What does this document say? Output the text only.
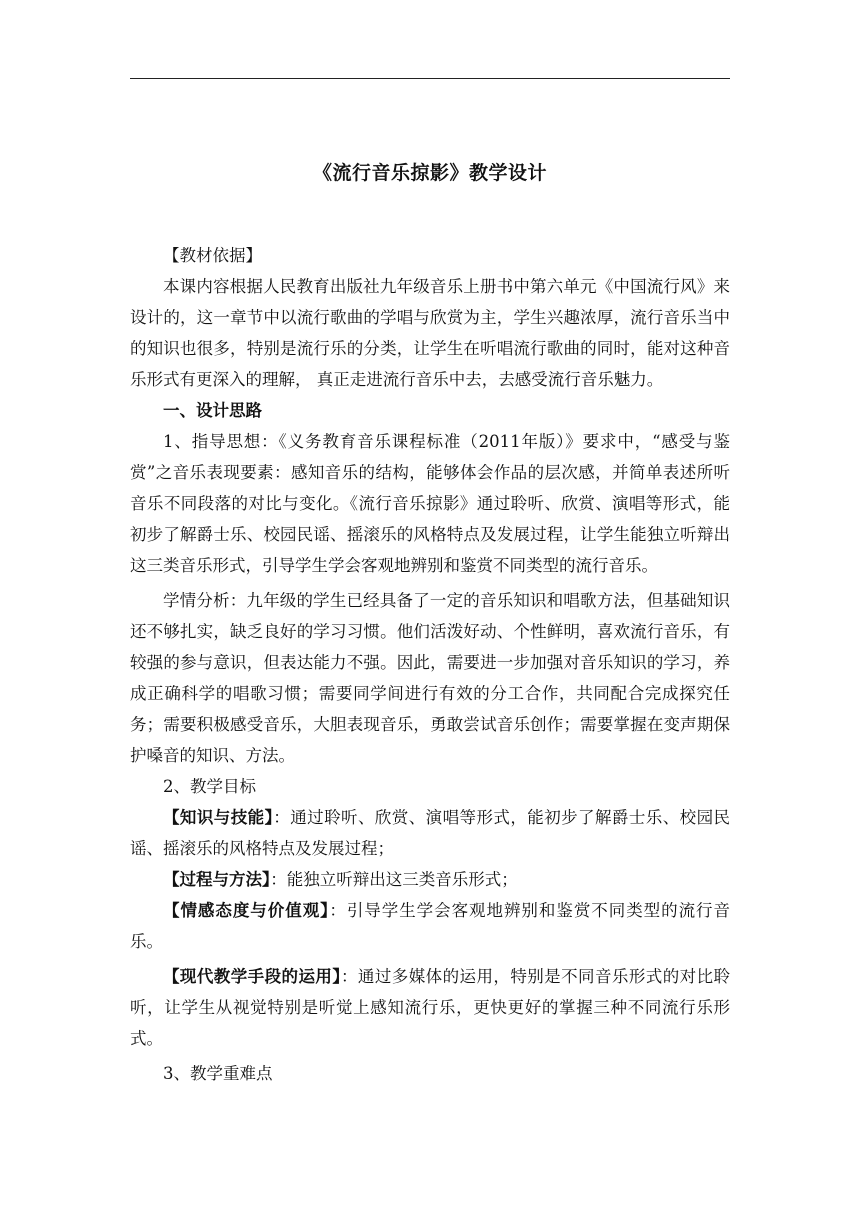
《流行音乐掠影》教学设计

【教材依据】

本课内容根据人民教育出版社九年级音乐上册书中第六单元《中国流行风》来设计的，这一章节中以流行歌曲的学唱与欣赏为主，学生兴趣浓厚，流行音乐当中的知识也很多，特别是流行乐的分类，让学生在听唱流行歌曲的同时，能对这种音乐形式有更深入的理解， 真正走进流行音乐中去，去感受流行音乐魅力。

一、设计思路

1、指导思想：《义务教育音乐课程标准（2011年版）》要求中，“感受与鉴赏”之音乐表现要素：感知音乐的结构，能够体会作品的层次感，并简单表述所听音乐不同段落的对比与变化。《流行音乐掠影》通过聆听、欣赏、演唱等形式，能初步了解爵士乐、校园民谣、摇滚乐的风格特点及发展过程，让学生能独立听辩出这三类音乐形式，引导学生学会客观地辨别和鉴赏不同类型的流行音乐。

学情分析：九年级的学生已经具备了一定的音乐知识和唱歌方法，但基础知识还不够扎实，缺乏良好的学习习惯。他们活泼好动、个性鲜明，喜欢流行音乐，有较强的参与意识，但表达能力不强。因此，需要进一步加强对音乐知识的学习，养成正确科学的唱歌习惯；需要同学间进行有效的分工合作，共同配合完成探究任务；需要积极感受音乐，大胆表现音乐，勇敢尝试音乐创作；需要掌握在变声期保护嗓音的知识、方法。

2、教学目标

【知识与技能】：通过聆听、欣赏、演唱等形式，能初步了解爵士乐、校园民谣、摇滚乐的风格特点及发展过程；

【过程与方法】：能独立听辩出这三类音乐形式；

【情感态度与价值观】：引导学生学会客观地辨别和鉴赏不同类型的流行音乐。

【现代教学手段的运用】：通过多媒体的运用，特别是不同音乐形式的对比聆听，让学生从视觉特别是听觉上感知流行乐，更快更好的掌握三种不同流行乐形式。

3、教学重难点
